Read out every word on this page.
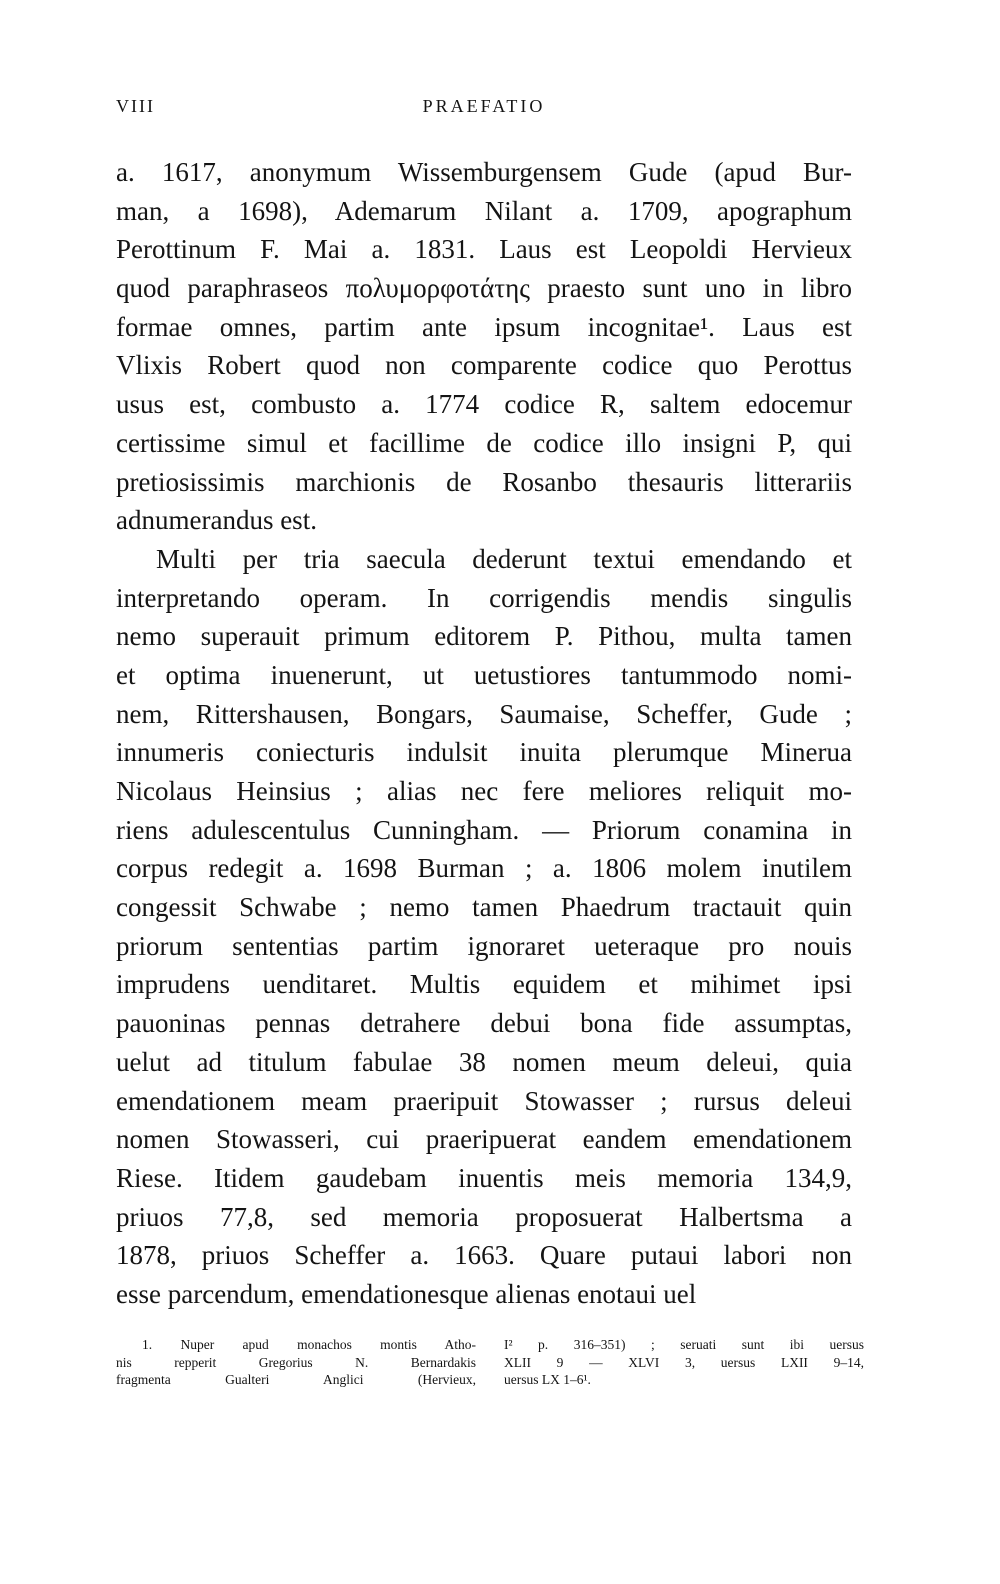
VIII	PRAEFATIO
a. 1617, anonymum Wissemburgensem Gude (apud Bur-
man, a 1698), Ademarum Nilant a. 1709, apographum
Perottinum F. Mai a. 1831. Laus est Leopoldi Hervieux
quod paraphraseos πολυμορφοτάτης praesto sunt uno in libro
formae omnes, partim ante ipsum incognitae¹. Laus est
Vlixis Robert quod non comparente codice quo Perottus
usus est, combusto a. 1774 codice R, saltem edocemur
certissime simul et facillime de codice illo insigni P, qui
pretiosissimis marchionis de Rosanbo thesauris litterariis
adnumerandus est.
Multi per tria saecula dederunt textui emendando et
interpretando operam. In corrigendis mendis singulis
nemo superauit primum editorem P. Pithou, multa tamen
et optima inuenerunt, ut uetustiores tantummodo nomi-
nem, Rittershausen, Bongars, Saumaise, Scheffer, Gude ;
innumeris coniecturis indulsit inuita plerumque Minerua
Nicolaus Heinsius ; alias nec fere meliores reliquit mo-
riens adulescentulus Cunningham. — Priorum conamina in
corpus redegit a. 1698 Burman ; a. 1806 molem inutilem
congessit Schwabe ; nemo tamen Phaedrum tractauit quin
priorum sententias partim ignoraret ueteraque pro nouis
imprudens uenditaret. Multis equidem et mihimet ipsi
pauoninas pennas detrahere debui bona fide assumptas,
uelut ad titulum fabulae 38 nomen meum deleui, quia
emendationem meam praeripuit Stowasser ; rursus deleui
nomen Stowasseri, cui praeripuerat eandem emendationem
Riese. Itidem gaudebam inuentis meis memoria 134,9,
priuos 77,8, sed memoria proposuerat Halbertsma a
1878, priuos Scheffer a. 1663. Quare putaui labori non
esse parcendum, emendationesque alienas enotaui uel
1. Nuper apud monachos montis Atho-
nis repperit Gregorius N. Bernardakis
fragmenta Gualteri Anglici (Hervieux,
I² p. 316–351) ; seruati sunt ibi uersus
XLII 9 — XLVI 3, uersus LXII 9–14,
uersus LX 1–6¹.
